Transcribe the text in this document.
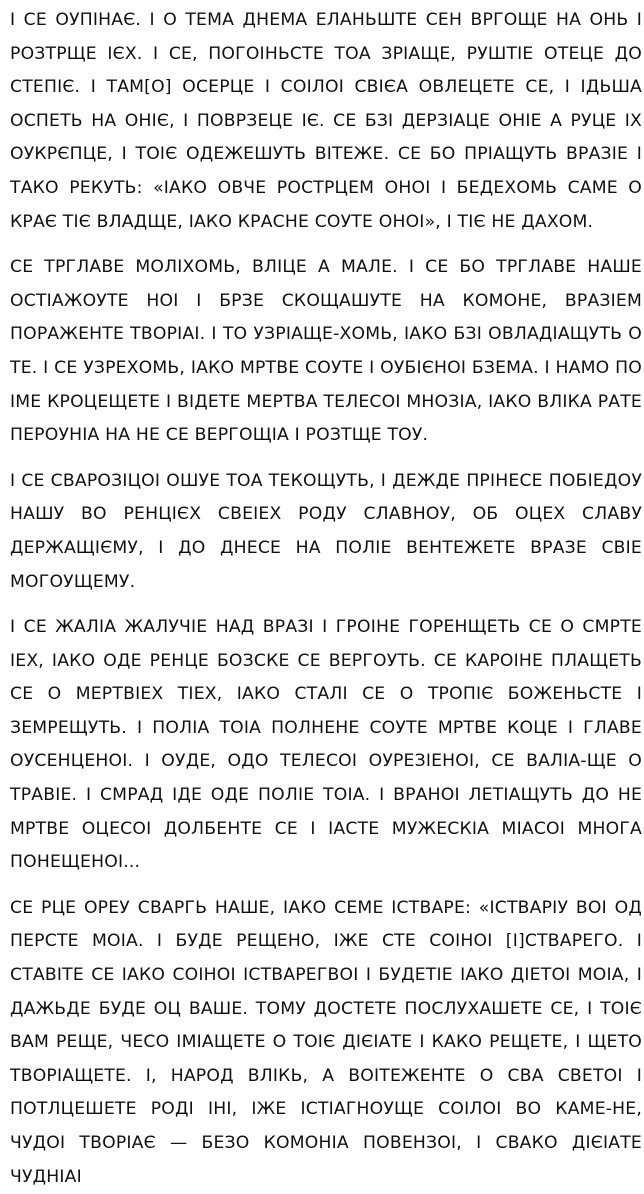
І СЕ ОУПІНАЄ. І О ТЕМА ДНЕМА ЕЛАНЬШТЕ СЕН ВРГОЩЕ НА ОНЬ І РОЗТРЩЕ ІЄХ. І СЕ, ПОГОІНЬСТЕ ТОА ЗРІАЩЕ, РУШТІЕ ОТЕЦЕ ДО СТЕПІЄ. І ТАМ[О] ОСЕРЦЕ І СОІЛОІ СВІЄА ОВЛЕЦЕТЕ СЕ, І ІДЬША ОСПЕТЬ НА ОНІЄ, І ПОВРЗЕЦЕ ІЄ. СЕ БЗІ ДЕРЗІАЦЕ ОНІЕ А РУЦЕ ІХ ОУКРЄПЦЕ, І ТОІЄ ОДЕЖЕШУТЬ ВІТЕЖЕ. СЕ БО ПРІАЩУТЬ ВРАЗІЕ І ТАКО РЕКУТЬ: «ІАКО ОВЧЕ РОСТРЦЕМ ОНОІ І БЕДЕХОМЬ САМЕ О КРАЄ ТІЄ ВЛАДЩЕ, ІАКО КРАСНЕ СОУТЕ ОНОІ», І ТІЄ НЕ ДАХОМ.

СЕ ТРГЛАВЕ МОЛІХОМЬ, ВЛІЦЕ А МАЛЕ. І СЕ БО ТРГЛАВЕ НАШЕ ОСТІАЖОУТЕ НОІ І БРЗЕ СКОЩАШУТЕ НА КОМОНЕ, ВРАЗІЕМ ПОРАЖЕНТЕ ТВОРІАІ. І ТО УЗРІАЩЕ-ХОМЬ, ІАКО БЗІ ОВЛАДІАЩУТЬ О ТЕ. І СЕ УЗРЕХОМЬ, ІАКО МРТВЕ СОУТЕ І ОУБІЄНОІ БЗЕМА. І НАМО ПО ІМЕ КРОЦЕЩЕТЕ І ВІДЕТЕ МЕРТВА ТЕЛЕСОІ МНОЗІА, ІАКО ВЛІКА РАТЕ ПЕРОУНІА НА НЕ СЕ ВЕРГОЩІА І РОЗТЩЕ ТОУ.

І СЕ СВАРОЗІЦОІ ОШУЕ ТОА ТЕКОЩУТЬ, І ДЕЖДЕ ПРІНЕСЕ ПОБІЕДОУ НАШУ ВО РЕНЦІЄХ СВЕІЕХ РОДУ СЛАВНОУ, ОБ ОЦЕХ СЛАВУ ДЕРЖАЩІЄМУ, І ДО ДНЕСЕ НА ПОЛІЕ ВЕНТЕЖЕТЕ ВРАЗЕ СВІЕ МОГОУЩЕМУ.

І СЕ ЖАЛІА ЖАЛУЧІЕ НАД ВРАЗІ І ГРОІНЕ ГОРЕНЩЕТЬ СЕ О СМРТЕ ІЕХ, ІАКО ОДЕ РЕНЦЕ БОЗСКЕ СЕ ВЕРГОУТЬ. СЕ КАРОІНЕ ПЛАЩЕТЬ СЕ О МЕРТВІЕХ ТІЕХ, ІАКО СТАЛІ СЕ О ТРОПІЄ БОЖЕНЬСТЕ І ЗЕМРЕЩУТЬ. І ПОЛІА ТОІА ПОЛНЕНЕ СОУТЕ МРТВЕ КОЦЕ І ГЛАВЕ ОУСЕНЦЕНОІ. І ОУДЕ, ОДО ТЕЛЕСОІ ОУРЕЗІЕНОІ, СЕ ВАЛІА-ЩЕ О ТРАВІЕ. І СМРАД ІДЕ ОДЕ ПОЛІЕ ТОІА. І ВРАНОІ ЛЕТІАЩУТЬ ДО НЕ МРТВЕ ОЦЕСОІ ДОЛБЕНТЕ СЕ І ІАСТЕ МУЖЕСКІА МІАСОІ МНОГА ПОНЕЩЕНОІ...

СЕ РЦЕ ОРЕУ СВАРГЬ НАШЕ, ІАКО СЕМЕ ІСТВАРЕ: «ІСТВАРІУ ВОІ ОД ПЕРСТЕ МОІА. І БУДЕ РЕЩЕНО, ІЖЕ СТЕ СОІНОІ [І]СТВАРЕГО. І СТАВІТЕ СЕ ІАКО СОІНОІ ІСТВАРЕГВОІ І БУДЕТІЕ ІАКО ДІЕТОІ МОІА, І ДАЖЬДЕ БУДЕ ОЦ ВАШЕ. ТОМУ ДОСТЕТЕ ПОСЛУХАШЕТЕ СЕ, І ТОІЄ ВАМ РЕЩЕ, ЧЕСО ІМІАЩЕТЕ О ТОІЄ ДІЄІАТЕ І КАКО РЕЩЕТЕ, І ЩЕТО ТВОРІАЩЕТЕ. І, НАРОД ВЛІКЬ, А ВОІТЕЖЕНТЕ О СВА СВЕТОІ І ПОТЛЦЕШЕТЕ РОДІ ІНІ, ІЖЕ ІСТІАГНОУЩЕ СОІЛОІ ВО КАМЕ-НЕ, ЧУДОІ ТВОРІАЄ — БЕЗО КОМОНІА ПОВЕНЗОІ, І СВАКО ДІЄІАТЕ ЧУДНІАІ
